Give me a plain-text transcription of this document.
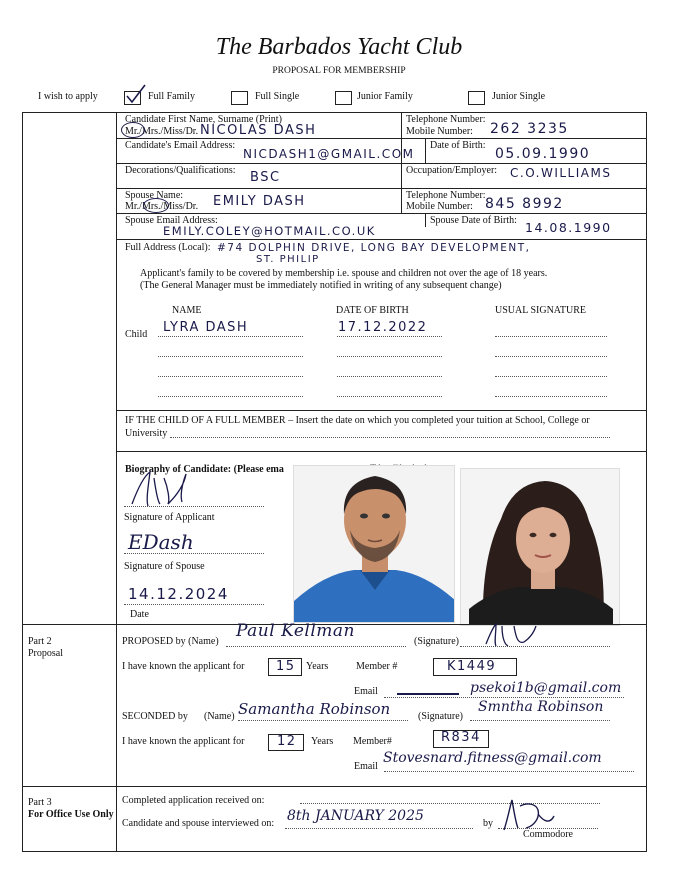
The Barbados Yacht Club
PROPOSAL FOR MEMBERSHIP
I wish to apply	Full Family	Full Single	Junior Family	Junior Single
Candidate First Name, Surname (Print)
Mr./Mrs./Miss/Dr. NICOLAS DASH
Telephone Number:
Mobile Number: 262 3235
Candidate's Email Address:
NICDASH1@GMAIL.COM
Date of Birth:
05.09.1990
Decorations/Qualifications: BSC	Occupation/Employer: C.O.WILLIAMS
Spouse Name:
Mr./Mrs./Miss/Dr. EMILY DASH	Telephone Number:
Mobile Number: 845 8992
Spouse Email Address:
EMILY.COLEY@HOTMAIL.CO.UK
Spouse Date of Birth: 14.08.1990
Full Address (Local): #74 DOLPHIN DRIVE, LONG BAY DEVELOPMENT,
ST. PHILIP
Applicant's family to be covered by membership i.e. spouse and children not over the age of 18 years.
(The General Manager must be immediately notified in writing of any subsequent change)
NAME	DATE OF BIRTH	USUAL SIGNATURE
Child LYRA DASH	17.12.2022
IF THE CHILD OF A FULL MEMBER – Insert the date on which you completed your tuition at School, College or
University
Biography of Candidate: (Please ema
Signature of Applicant
EDash
Signature of Spouse
14.12.2024
Date
Part 2
Proposal
PROPOSED by (Name)
Paul Kellman
(Signature)
I have known the applicant for 15 Years	Member #	K1449
Email	psekoi1b@gmail.com
SECONDED by (Name) Samantha Robinson	(Signature)
Smntha Robinson
I have known the applicant for	12 Years Member#	R834
Email
Stovesnard.fitness@gmail.com
Part 3
For Office Use Only
Completed application received on:
Candidate and spouse interviewed on: 8th JANUARY 2025	by
Commodore
